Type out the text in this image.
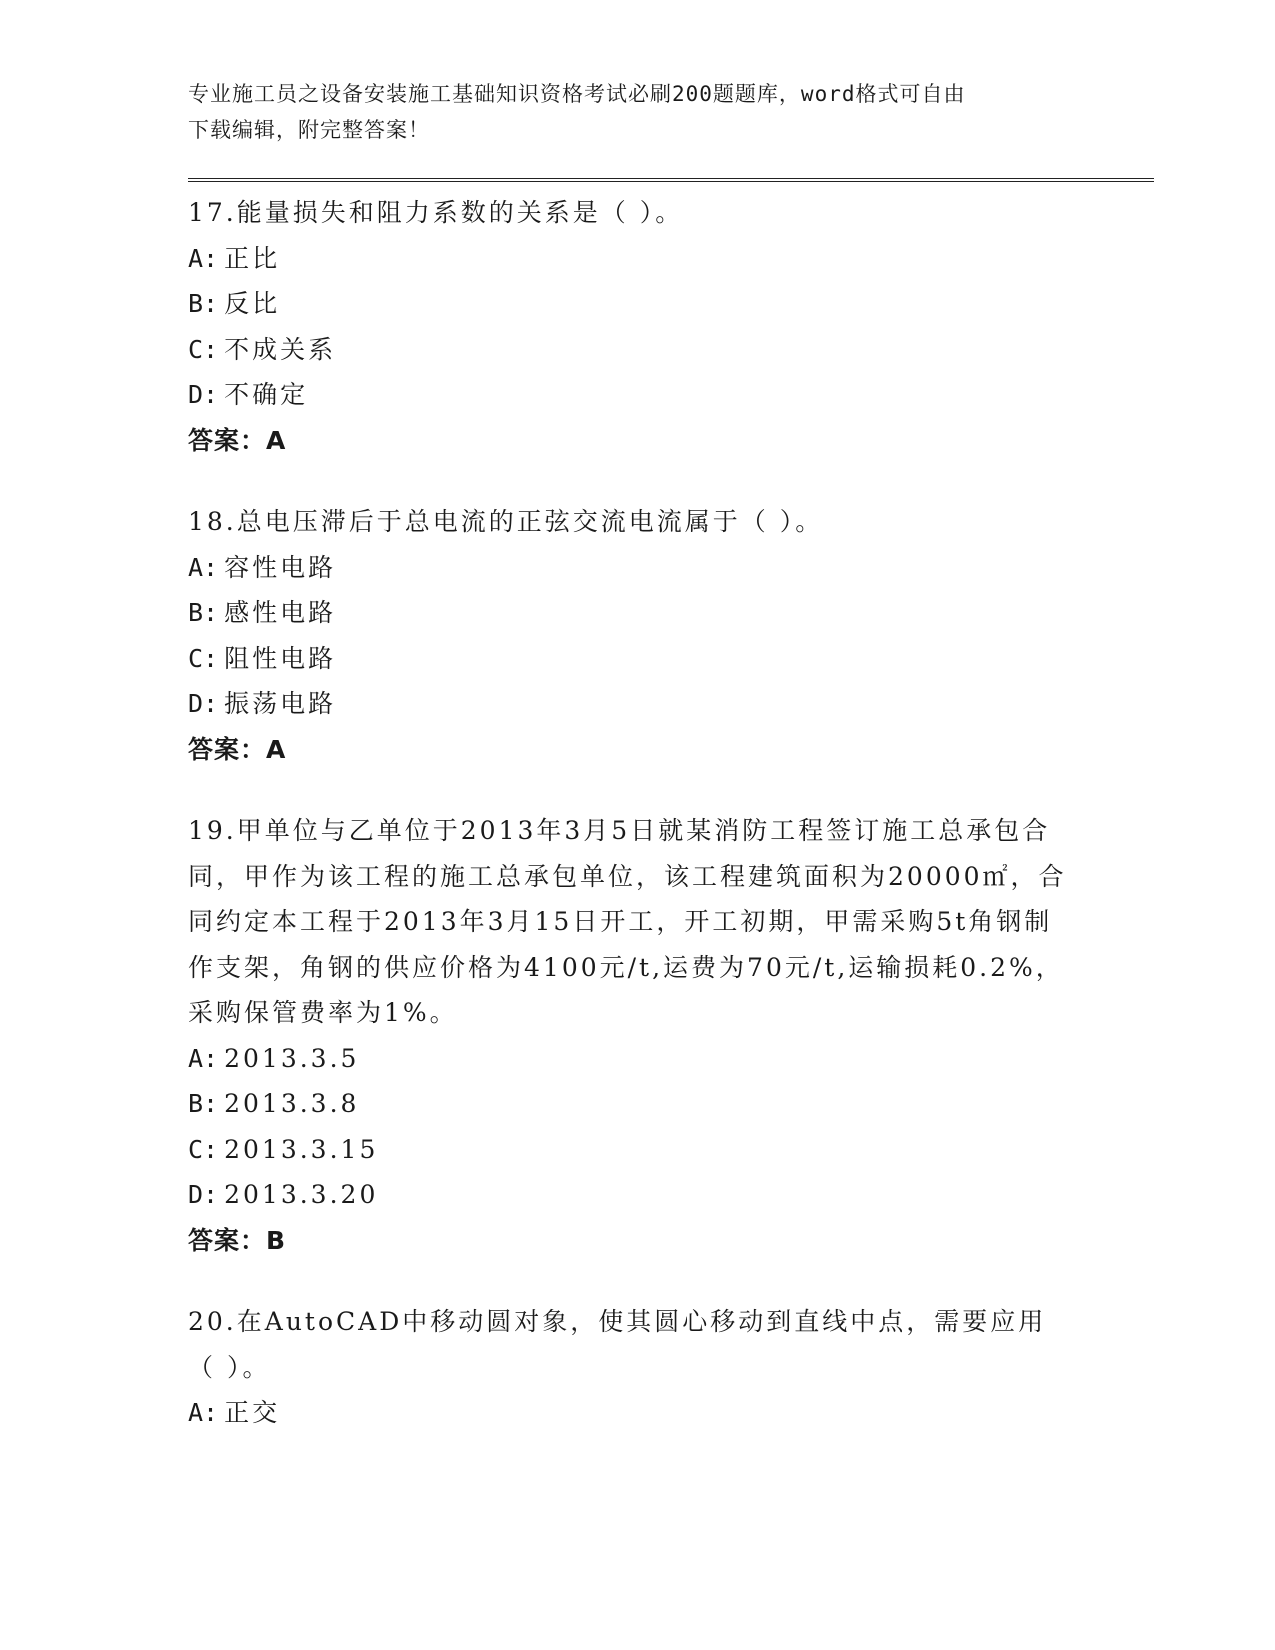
专业施工员之设备安装施工基础知识资格考试必刷200题题库，word格式可自由
下载编辑，附完整答案！

17.能量损失和阻力系数的关系是（ ）。

A: 正比

B: 反比

C: 不成关系

D: 不确定

答案：A

18.总电压滞后于总电流的正弦交流电流属于（ ）。

A: 容性电路

B: 感性电路

C: 阻性电路

D: 振荡电路

答案：A

19.甲单位与乙单位于2013年3月5日就某消防工程签订施工总承包合同，甲作为该工程的施工总承包单位，该工程建筑面积为20000㎡，合同约定本工程于2013年3月15日开工，开工初期，甲需采购5t角钢制作支架，角钢的供应价格为4100元/t,运费为70元/t,运输损耗0.2%，采购保管费率为1%。

A: 2013.3.5

B: 2013.3.8

C: 2013.3.15

D: 2013.3.20

答案：B

20.在AutoCAD中移动圆对象，使其圆心移动到直线中点，需要应用（ ）。

A: 正交
